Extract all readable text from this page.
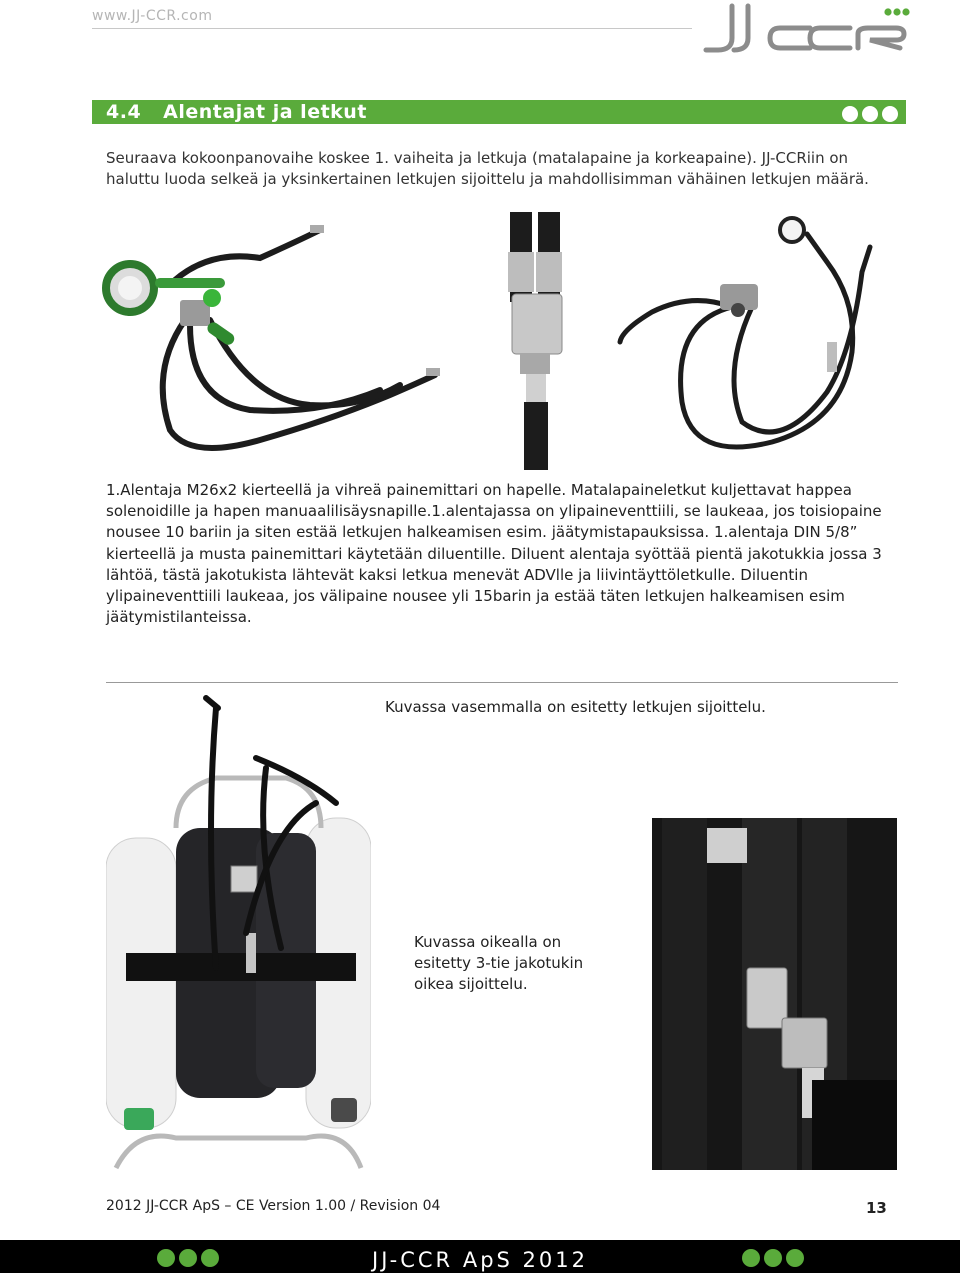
www.JJ-CCR.com
4.4 Alentajat ja letkut

Seuraava kokoonpanovaihe koskee 1. vaiheita ja letkuja (matalapaine ja korkeapaine). JJ-CCRiin on haluttu luoda selkeä ja yksinkertainen letkujen sijoittelu ja mahdollisimman vähäinen letkujen määrä.

1.Alentaja M26x2 kierteellä ja vihreä painemittari on hapelle. Matalapaineletkut kuljettavat happea solenoidille ja hapen manuaalilisäysnapille.1.alentajassa on ylipaineventtiili, se laukeaa, jos toisiopaine nousee 10 bariin ja siten estää letkujen halkeamisen esim. jäätymistapauksissa. 1.alentaja DIN 5/8” kierteellä ja musta painemittari käytetään diluentille. Diluent alentaja syöttää pientä jakotukkia jossa 3 lähtöä, tästä jakotukista lähtevät kaksi letkua menevät ADVlle ja liivintäyttöletkulle. Diluentin ylipaineventtiili laukeaa, jos välipaine nousee yli 15barin ja estää täten letkujen halkeamisen esim jäätymistilanteissa.

Kuvassa vasemmalla on esitetty letkujen sijoittelu.

Kuvassa oikealla on esitetty 3-tie jakotukin oikea sijoittelu.

2012 JJ-CCR ApS – CE Version 1.00 / Revision 04	13
JJ-CCR ApS 2012
